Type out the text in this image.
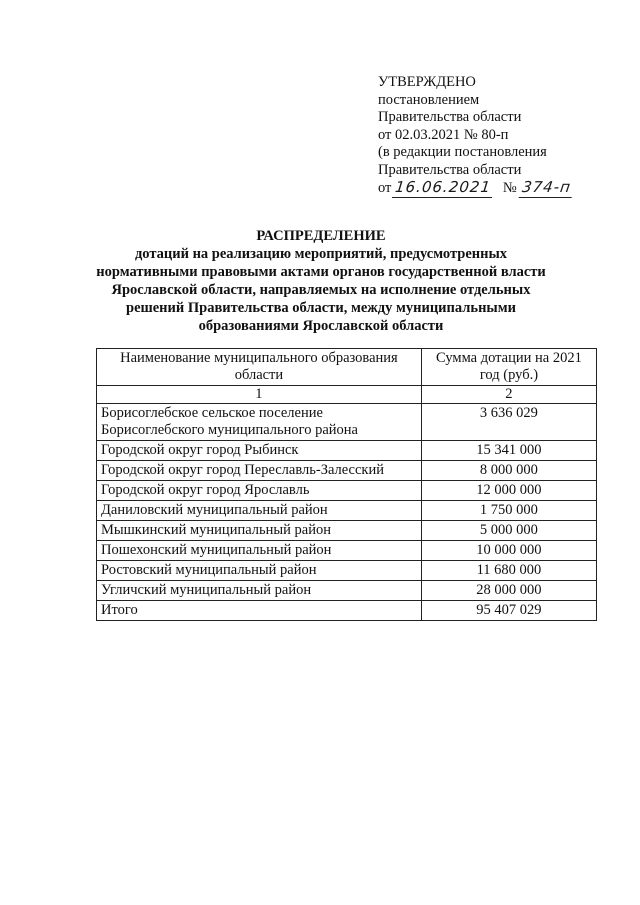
УТВЕРЖДЕНО
постановлением
Правительства области
от 02.03.2021 № 80-п
(в редакции постановления
Правительства области
от 16.06.2021 № 374-п
РАСПРЕДЕЛЕНИЕ
дотаций на реализацию мероприятий, предусмотренных нормативными правовыми актами органов государственной власти Ярославской области, направляемых на исполнение отдельных решений Правительства области, между муниципальными образованиями Ярославской области
Наименование муниципального образования области	Сумма дотации на 2021 год (руб.)
1	2
Борисоглебское сельское поселение Борисоглебского муниципального района	3 636 029
Городской округ город Рыбинск	15 341 000
Городской округ город Переславль-Залесский	8 000 000
Городской округ город Ярославль	12 000 000
Даниловский муниципальный район	1 750 000
Мышкинский муниципальный район	5 000 000
Пошехонский муниципальный район	10 000 000
Ростовский муниципальный район	11 680 000
Угличский муниципальный район	28 000 000
Итого	95 407 029
